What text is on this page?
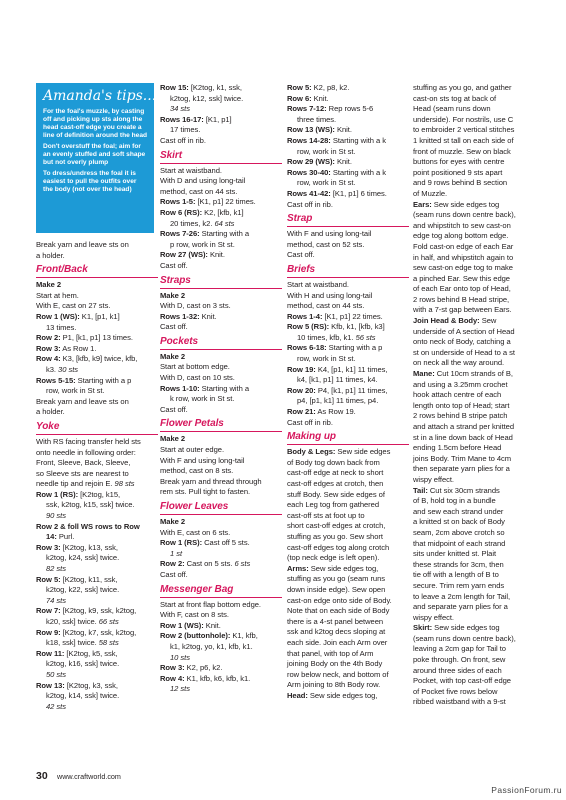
Amanda's tips...

For the foal's muzzle, by casting off and picking up sts along the head cast-off edge you create a line of definition around the head

Don't overstuff the foal; aim for an evenly stuffed and soft shape but not overly plump

To dress/undress the foal it is easiest to pull the outfits over the body (not over the head)

Break yarn and leave sts on
a holder.
Front/Back
Make 2
Start at hem.
With E, cast on 27 sts.
Row 1 (WS): K1, [p1, k1]
13 times.
Row 2: P1, [k1, p1] 13 times.
Row 3: As Row 1.
Row 4: K3, [kfb, k9] twice, kfb,
k3. 30 sts
Rows 5-15: Starting with a p
row, work in St st.
Break yarn and leave sts on
a holder.
Yoke
With RS facing transfer held sts
onto needle in following order:
Front, Sleeve, Back, Sleeve,
so Sleeve sts are nearest to
needle tip and rejoin E. 98 sts
Row 1 (RS): [K2tog, k15,
ssk, k2tog, k15, ssk] twice.
90 sts
Row 2 & foll WS rows to Row
14: Purl.
Row 3: [K2tog, k13, ssk,
k2tog, k24, ssk] twice.
82 sts
Row 5: [K2tog, k11, ssk,
k2tog, k22, ssk] twice.
74 sts
Row 7: [K2tog, k9, ssk, k2tog,
k20, ssk] twice. 66 sts
Row 9: [K2tog, k7, ssk, k2tog,
k18, ssk] twice. 58 sts
Row 11: [K2tog, k5, ssk,
k2tog, k16, ssk] twice.
50 sts
Row 13: [K2tog, k3, ssk,
k2tog, k14, ssk] twice.
42 sts
Row 15: [K2tog, k1, ssk,
k2tog, k12, ssk] twice.
34 sts
Rows 16-17: [K1, p1]
17 times.
Cast off in rib.
Skirt
Start at waistband.
With D and using long-tail
method, cast on 44 sts.
Rows 1-5: [K1, p1] 22 times.
Row 6 (RS): K2, [kfb, k1]
20 times, k2. 64 sts
Rows 7-26: Starting with a
p row, work in St st.
Row 27 (WS): Knit.
Cast off.
Straps
Make 2
With D, cast on 3 sts.
Rows 1-32: Knit.
Cast off.
Pockets
Make 2
Start at bottom edge.
With D, cast on 10 sts.
Rows 1-10: Starting with a
k row, work in St st.
Cast off.
Flower Petals
Make 2
Start at outer edge.
With F and using long-tail
method, cast on 8 sts.
Break yarn and thread through
rem sts. Pull tight to fasten.
Flower Leaves
Make 2
With E, cast on 6 sts.
Row 1 (RS): Cast off 5 sts.
1 st
Row 2: Cast on 5 sts. 6 sts
Cast off.
Messenger Bag
Start at front flap bottom edge.
With F, cast on 8 sts.
Row 1 (WS): Knit.
Row 2 (buttonhole): K1, kfb,
k1, k2tog, yo, k1, kfb, k1.
10 sts
Row 3: K2, p6, k2.
Row 4: K1, kfb, k6, kfb, k1.
12 sts
Row 5: K2, p8, k2.
Row 6: Knit.
Rows 7-12: Rep rows 5-6
three times.
Row 13 (WS): Knit.
Rows 14-28: Starting with a k
row, work in St st.
Row 29 (WS): Knit.
Rows 30-40: Starting with a k
row, work in St st.
Rows 41-42: [K1, p1] 6 times.
Cast off in rib.
Strap
With F and using long-tail
method, cast on 52 sts.
Cast off.
Briefs
Start at waistband.
With H and using long-tail
method, cast on 44 sts.
Rows 1-4: [K1, p1] 22 times.
Row 5 (RS): Kfb, k1, [kfb, k3]
10 times, kfb, k1. 56 sts
Rows 6-18: Starting with a p
row, work in St st.
Row 19: K4, [p1, k1] 11 times,
k4, [k1, p1] 11 times, k4.
Row 20: P4, [k1, p1] 11 times,
p4, [p1, k1] 11 times, p4.
Row 21: As Row 19.
Cast off in rib.
Making up
Body & Legs: Sew side edges
of Body tog down back from
cast-off edge at neck to short
cast-off edges at crotch, then
stuff Body. Sew side edges of
each Leg tog from gathered
cast-off sts at foot up to
short cast-off edges at crotch,
stuffing as you go. Sew short
cast-off edges tog along crotch
(top neck edge is left open).
Arms: Sew side edges tog,
stuffing as you go (seam runs
down inside edge). Sew open
cast-on edge onto side of Body.
Note that on each side of Body
there is a 4-st panel between
ssk and k2tog decs sloping at
each side. Join each Arm over
that panel, with top of Arm
joining Body on the 4th Body
row below neck, and bottom of
Arm joining to 8th Body row.
Head: Sew side edges tog,
stuffing as you go, and gather
cast-on sts tog at back of
Head (seam runs down
underside). For nostrils, use C
to embroider 2 vertical stitches
1 knitted st tall on each side of
front of muzzle. Sew on black
buttons for eyes with centre
point positioned 9 sts apart
and 9 rows behind B section
of Muzzle.
Ears: Sew side edges tog
(seam runs down centre back),
and whipstitch to sew cast-on
edge tog along bottom edge.
Fold cast-on edge of each Ear
in half, and whipstitch again to
sew cast-on edge tog to make
a pinched Ear. Sew this edge
of each Ear onto top of Head,
2 rows behind B Head stripe,
with a 7-st gap between Ears.
Join Head & Body: Sew
underside of A section of Head
onto neck of Body, catching a
st on underside of Head to a st
on neck all the way around.
Mane: Cut 10cm strands of B,
and using a 3.25mm crochet
hook attach centre of each
length onto top of Head; start
2 rows behind B stripe patch
and attach a strand per knitted
st in a line down back of Head
ending 1.5cm before Head
joins Body. Trim Mane to 4cm
then separate yarn plies for a
wispy effect.
Tail: Cut six 30cm strands
of B, hold tog in a bundle
and sew each strand under
a knitted st on back of Body
seam, 2cm above crotch so
that midpoint of each strand
sits under knitted st. Plait
these strands for 3cm, then
tie off with a length of B to
secure. Trim rem yarn ends
to leave a 2cm length for Tail,
and separate yarn plies for a
wispy effect.
Skirt: Sew side edges tog
(seam runs down centre back),
leaving a 2cm gap for Tail to
poke through. On front, sew
around three sides of each
Pocket, with top cast-off edge
of Pocket five rows below
ribbed waistband with a 9-st
30 www.craftworld.com
PassionForum.ru
